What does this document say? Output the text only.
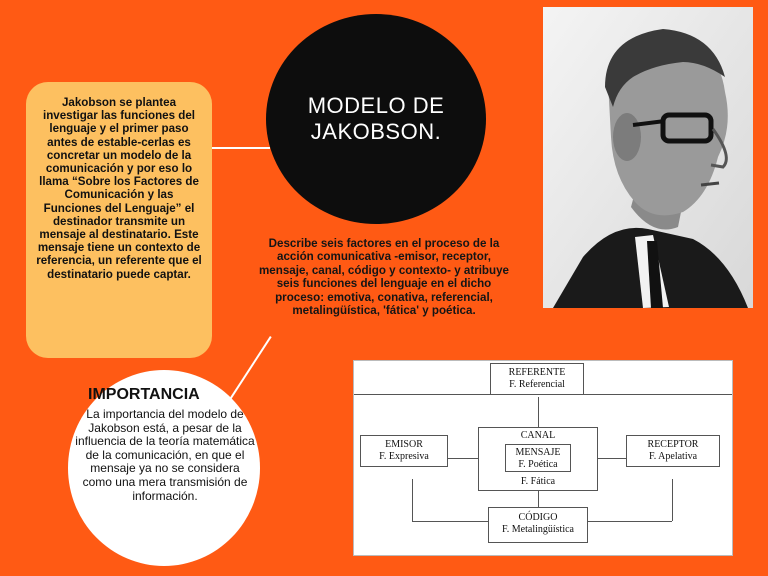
Jakobson se plantea investigar las funciones del lenguaje y el primer paso antes de estable-cerlas es concretar un modelo de la comunicación y por eso lo llama “Sobre los Factores de Comunicación y las Funciones del Lenguaje” el destinador transmite un mensaje al destinatario. Este mensaje tiene un contexto de referencia, un referente que el destinatario puede captar.
MODELO DE JAKOBSON.
Describe seis factores en el proceso de la acción comunicativa -emisor, receptor, mensaje, canal, código y contexto- y atribuye seis funciones del lenguaje en el dicho proceso: emotiva, conativa, referencial, metalingüística, 'fática' y poética.
IMPORTANCIA
La importancia del modelo de Jakobson está, a pesar de la influencia de la teoría matemática de la comunicación, en que el mensaje ya no se considera como una mera transmisión de información.
REFERENTE
F. Referencial
EMISOR
F. Expresiva
CANAL
MENSAJE
F. Poética
F. Fática
RECEPTOR
F. Apelativa
CÓDIGO
F. Metalingüística
